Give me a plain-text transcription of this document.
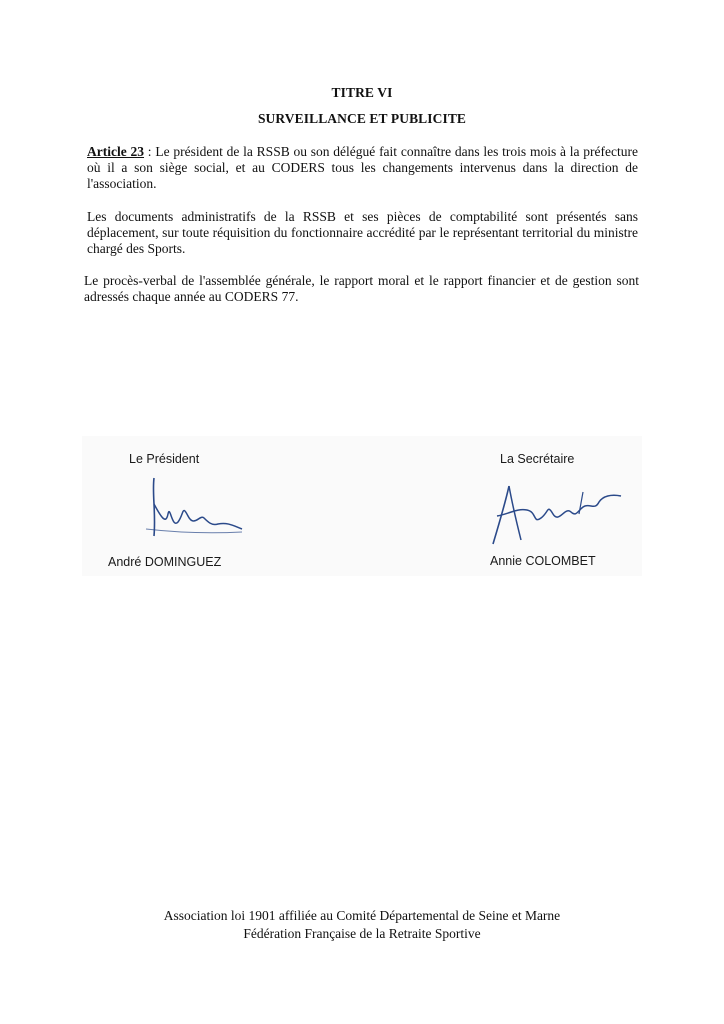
TITRE VI
SURVEILLANCE ET PUBLICITE
Article 23 : Le président de la RSSB ou son délégué fait connaître dans les trois mois à la préfecture où il a son siège social, et au CODERS tous les changements intervenus dans la direction de l'association.
Les documents administratifs de la RSSB et ses pièces de comptabilité sont présentés sans déplacement, sur toute réquisition du fonctionnaire accrédité par le représentant territorial du ministre chargé des Sports.
Le procès-verbal de l'assemblée générale, le rapport moral et le rapport financier et de gestion sont adressés chaque année au CODERS 77.
Le Président	La Secrétaire
André DOMINGUEZ	Annie COLOMBET
Association loi 1901 affiliée au Comité Départemental de Seine et Marne
Fédération Française de la Retraite Sportive
